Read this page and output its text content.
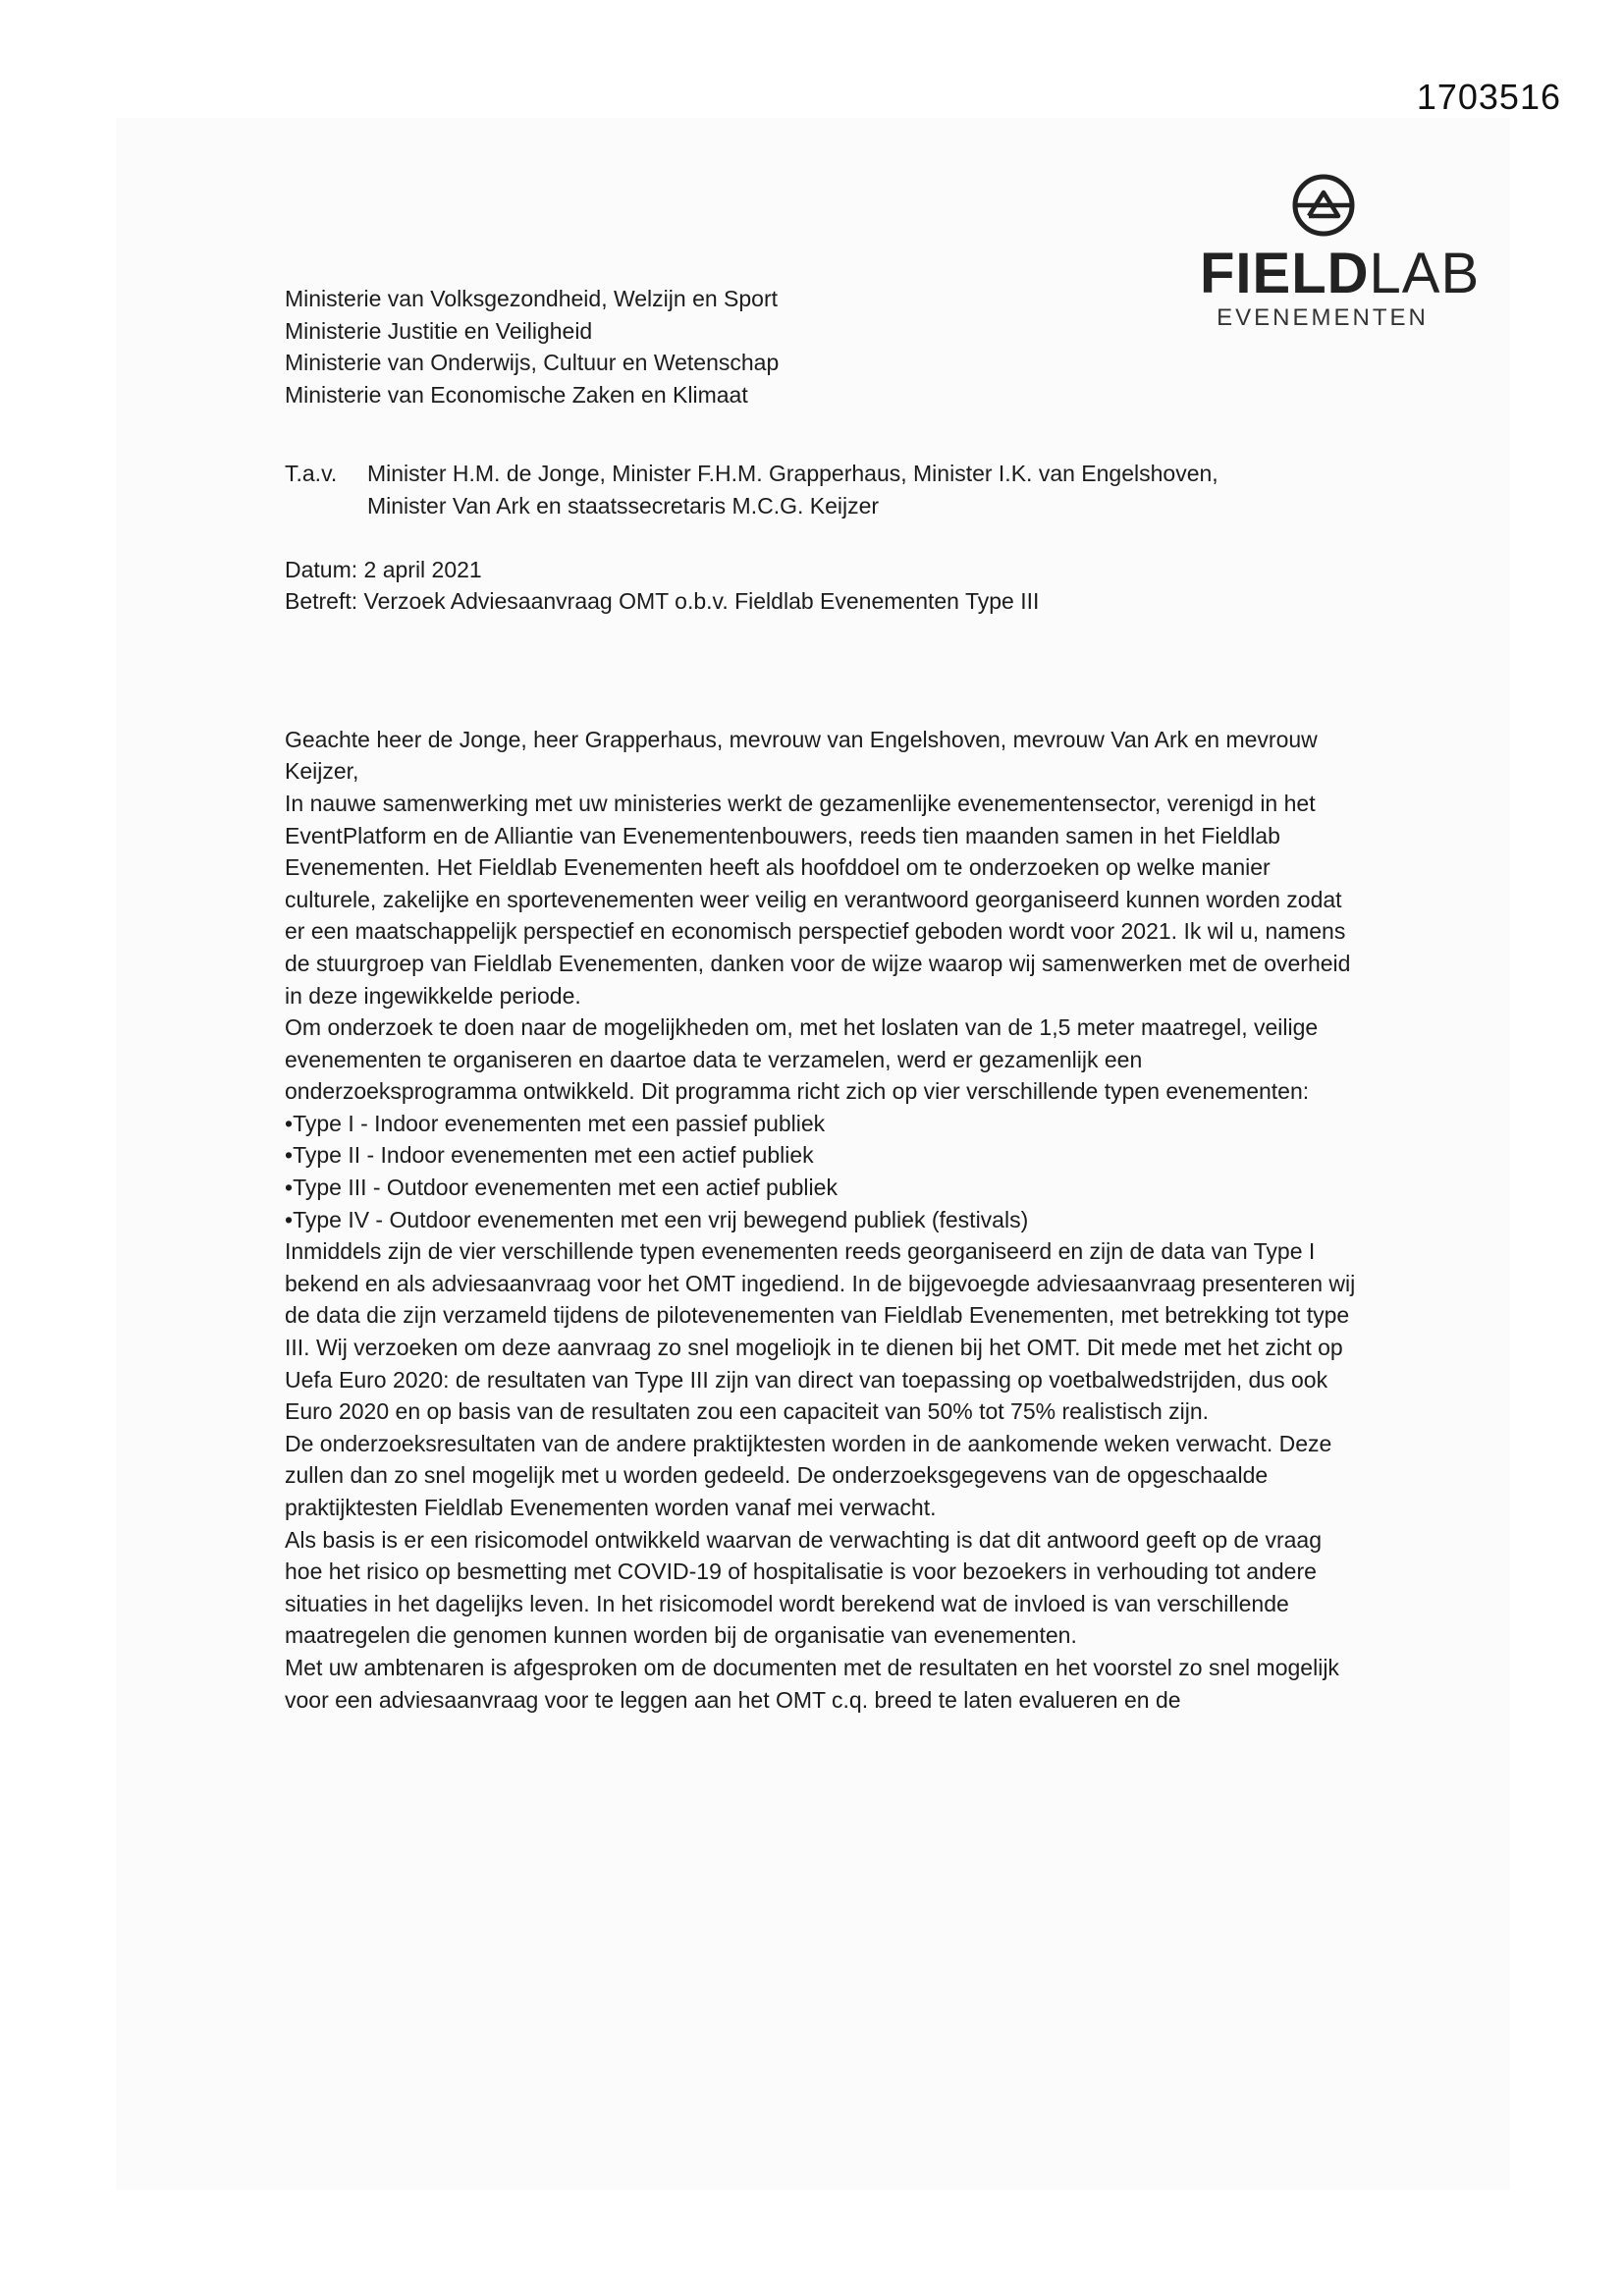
1703516
FIELDLAB
EVENEMENTEN

Ministerie van Volksgezondheid, Welzijn en Sport

Ministerie Justitie en Veiligheid

Ministerie van Onderwijs, Cultuur en Wetenschap

Ministerie van Economische Zaken en Klimaat

T.a.v.	Minister H.M. de Jonge, Minister F.H.M. Grapperhaus, Minister I.K. van Engelshoven,

Minister Van Ark en staatssecretaris M.C.G. Keijzer

Datum: 2 april 2021

Betreft: Verzoek Adviesaanvraag OMT o.b.v. Fieldlab Evenementen Type III

Geachte heer de Jonge, heer Grapperhaus, mevrouw van Engelshoven, mevrouw Van Ark en mevrouw Keijzer,

In nauwe samenwerking met uw ministeries werkt de gezamenlijke evenementensector, verenigd in het EventPlatform en de Alliantie van Evenementenbouwers, reeds tien maanden samen in het Fieldlab Evenementen. Het Fieldlab Evenementen heeft als hoofddoel om te onderzoeken op welke manier culturele, zakelijke en sportevenementen weer veilig en verantwoord georganiseerd kunnen worden zodat er een maatschappelijk perspectief en economisch perspectief geboden wordt voor 2021. Ik wil u, namens de stuurgroep van Fieldlab Evenementen, danken voor de wijze waarop wij samenwerken met de overheid in deze ingewikkelde periode.

Om onderzoek te doen naar de mogelijkheden om, met het loslaten van de 1,5 meter maatregel, veilige evenementen te organiseren en daartoe data te verzamelen, werd er gezamenlijk een onderzoeksprogramma ontwikkeld. Dit programma richt zich op vier verschillende typen evenementen:

• Type I - Indoor evenementen met een passief publiek
• Type II - Indoor evenementen met een actief publiek
• Type III - Outdoor evenementen met een actief publiek
• Type IV - Outdoor evenementen met een vrij bewegend publiek (festivals)

Inmiddels zijn de vier verschillende typen evenementen reeds georganiseerd en zijn de data van Type I bekend en als adviesaanvraag voor het OMT ingediend. In de bijgevoegde adviesaanvraag presenteren wij de data die zijn verzameld tijdens de pilotevenementen van Fieldlab Evenementen, met betrekking tot type III. Wij verzoeken om deze aanvraag zo snel mogeliojk in te dienen bij het OMT. Dit mede met het zicht op Uefa Euro 2020: de resultaten van Type III zijn van direct van toepassing op voetbalwedstrijden, dus ook Euro 2020 en op basis van de resultaten zou een capaciteit van 50% tot 75% realistisch zijn.

De onderzoeksresultaten van de andere praktijktesten worden in de aankomende weken verwacht. Deze zullen dan zo snel mogelijk met u worden gedeeld. De onderzoeksgegevens van de opgeschaalde praktijktesten Fieldlab Evenementen worden vanaf mei verwacht.

Als basis is er een risicomodel ontwikkeld waarvan de verwachting is dat dit antwoord geeft op de vraag hoe het risico op besmetting met COVID-19 of hospitalisatie is voor bezoekers in verhouding tot andere situaties in het dagelijks leven. In het risicomodel wordt berekend wat de invloed is van verschillende maatregelen die genomen kunnen worden bij de organisatie van evenementen.

Met uw ambtenaren is afgesproken om de documenten met de resultaten en het voorstel zo snel mogelijk voor een adviesaanvraag voor te leggen aan het OMT c.q. breed te laten evalueren en de
